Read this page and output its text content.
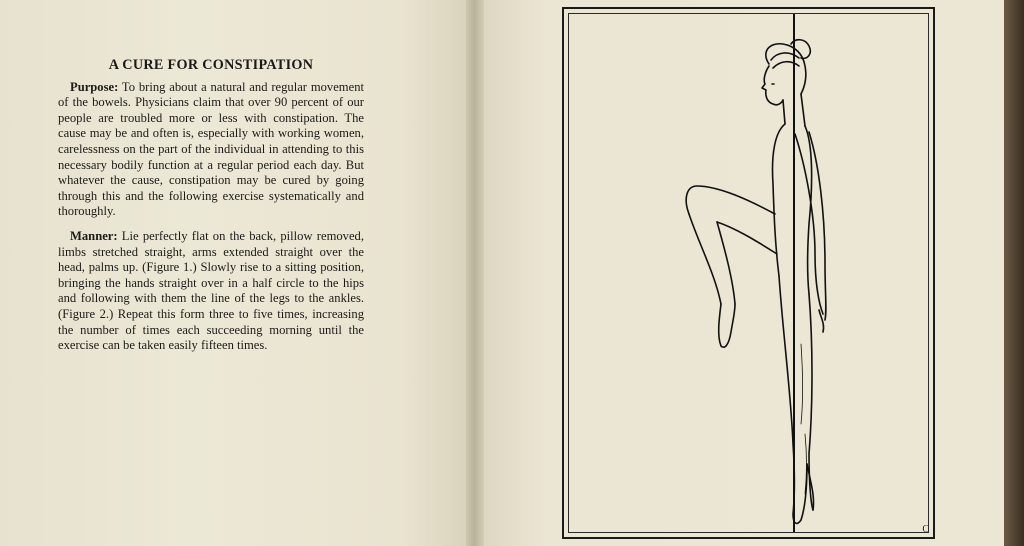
A CURE FOR CONSTIPATION

Purpose: To bring about a natural and regular movement of the bowels. Physicians claim that over 90 percent of our people are troubled more or less with constipation. The cause may be and often is, especially with working women, carelessness on the part of the individual in attending to this necessary bodily function at a regular period each day. But whatever the cause, constipation may be cured by going through this and the following exercise systematically and thoroughly.

Manner: Lie perfectly flat on the back, pillow removed, limbs stretched straight, arms extended straight over the head, palms up. (Figure 1.) Slowly rise to a sitting position, bringing the hands straight over in a half circle to the hips and following with them the line of the legs to the ankles. (Figure 2.) Repeat this form three to five times, increasing the number of times each succeeding morning until the exercise can be taken easily fifteen times.

C
